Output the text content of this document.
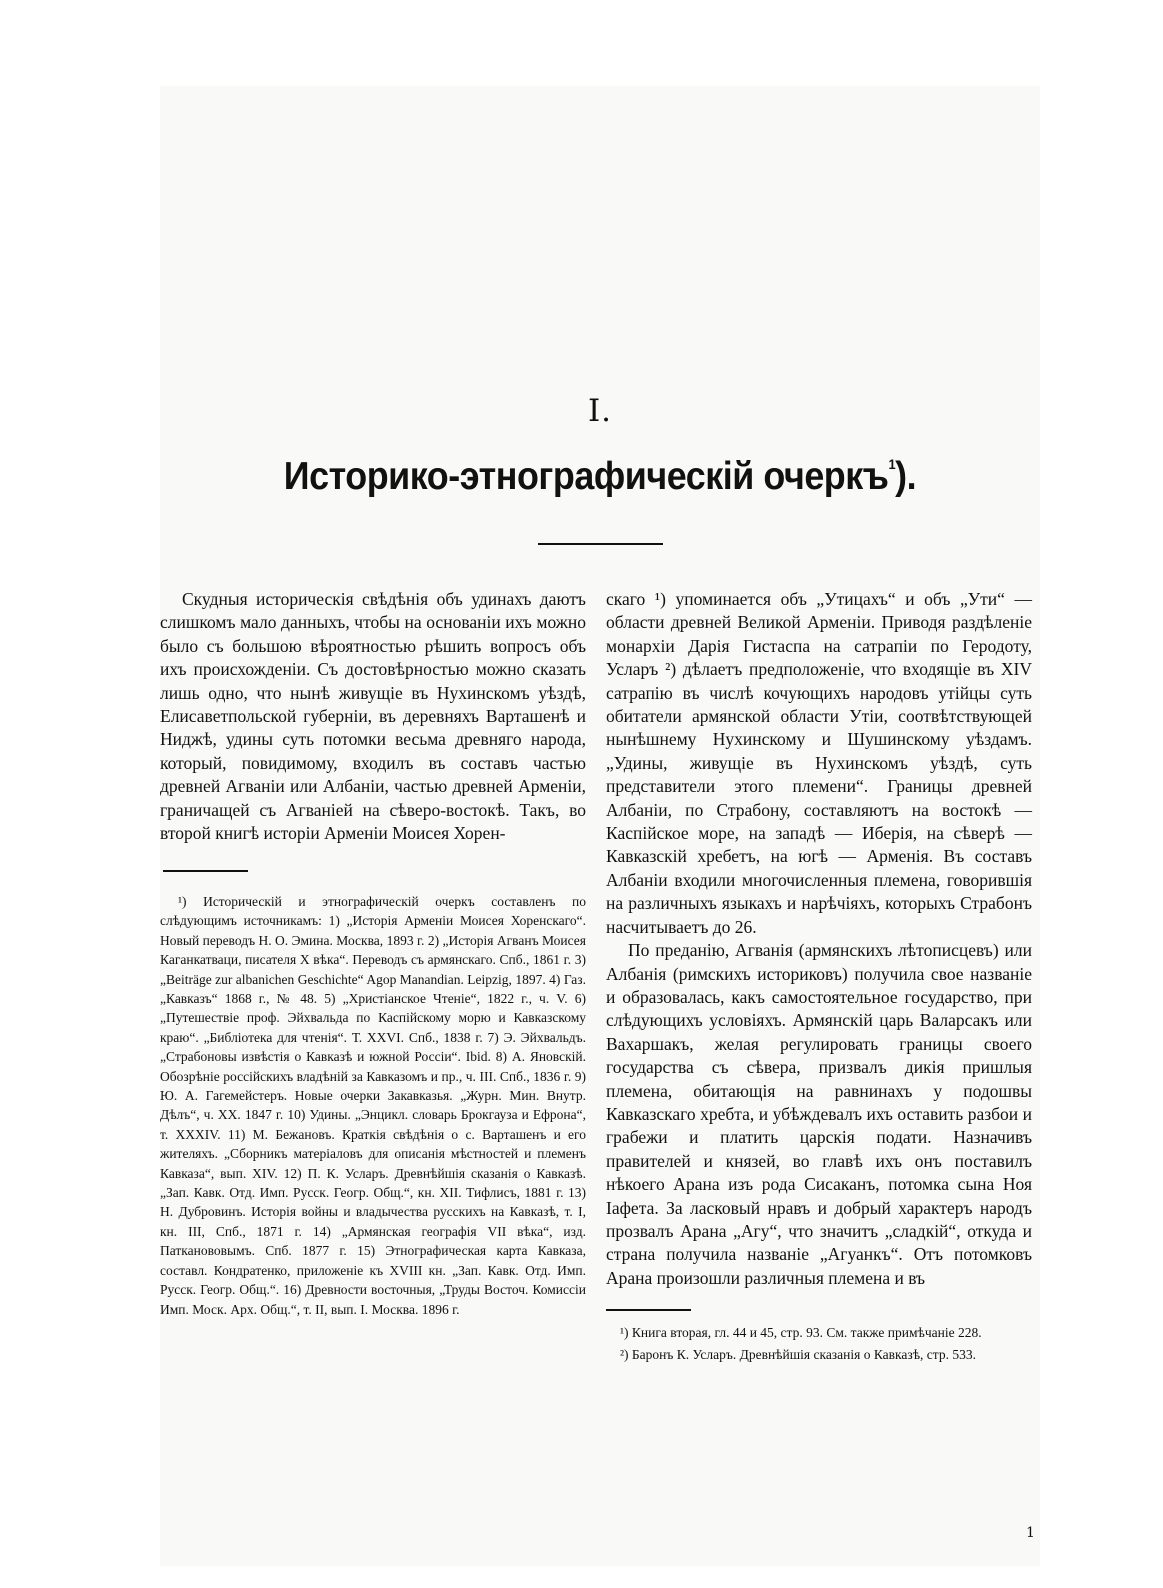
I.
Историко-этнографическій очеркъ$^1$).

Скудныя историческія свѣдѣнія объ удинахъ даютъ слишкомъ мало данныхъ, чтобы на основаніи ихъ можно было съ большою вѣроятностью рѣшить вопросъ объ ихъ происхожденіи. Съ достовѣрностью можно сказать лишь одно, что нынѣ живущіе въ Нухинскомъ уѣздѣ, Елисаветпольской губерніи, въ деревняхъ Варташенѣ и Ниджѣ, удины суть потомки весьма древняго народа, который, повидимому, входилъ въ составъ частью древней Агваніи или Албаніи, частью древней Арменіи, граничащей съ Агваніей на сѣверо-востокѣ. Такъ, во второй книгѣ исторіи Арменіи Моисея Хорен-

¹) Историческій и этнографическій очеркъ составленъ по слѣдующимъ источникамъ: 1) „Исторія Арменіи Моисея Хоренскаго“. Новый переводъ Н. О. Эмина. Москва, 1893 г. 2) „Исторія Агванъ Моисея Каганкатваци, писателя X вѣка“. Переводъ съ армянскаго. Спб., 1861 г. 3) „Beiträge zur albanichen Geschichte“ Agop Manandian. Leipzig, 1897. 4) Газ. „Кавказъ“ 1868 г., № 48. 5) „Христіанское Чтеніе“, 1822 г., ч. V. 6) „Путешествіе проф. Эйхвальда по Каспійскому морю и Кавказскому краю“. „Библіотека для чтенія“. Т. XXVI. Спб., 1838 г. 7) Э. Эйхвальдъ. „Страбоновы извѣстія о Кавказѣ и южной Россіи“. Ibid. 8) А. Яновскій. Обозрѣніе россійскихъ владѣній за Кавказомъ и пр., ч. III. Спб., 1836 г. 9) Ю. А. Гагемейстеръ. Новые очерки Закавказья. „Журн. Мин. Внутр. Дѣлъ“, ч. XX. 1847 г. 10) Удины. „Энцикл. словарь Брокгауза и Ефрона“, т. XXXIV. 11) М. Бежановъ. Краткія свѣдѣнія о с. Варташенъ и его жителяхъ. „Сборникъ матеріаловъ для описанія мѣстностей и племенъ Кавказа“, вып. XIV. 12) П. К. Усларъ. Древнѣйшія сказанія о Кавказѣ. „Зап. Кавк. Отд. Имп. Русск. Геогр. Общ.“, кн. XII. Тифлисъ, 1881 г. 13) Н. Дубровинъ. Исторія войны и владычества русскихъ на Кавказѣ, т. I, кн. III, Спб., 1871 г. 14) „Армянская географія VII вѣка“, изд. Патканововымъ. Спб. 1877 г. 15) Этнографическая карта Кавказа, составл. Кондратенко, приложеніе къ XVIII кн. „Зап. Кавк. Отд. Имп. Русск. Геогр. Общ.“. 16) Древности восточныя, „Труды Восточ. Комиссіи Имп. Моск. Арх. Общ.“, т. II, вып. I. Москва. 1896 г.

скаго ¹) упоминается объ „Утицахъ“ и объ „Ути“ — области древней Великой Арменіи. Приводя раздѣленіе монархіи Дарія Гистаспа на сатрапіи по Геродоту, Усларъ ²) дѣлаетъ предположеніе, что входящіе въ XIV сатрапію въ числѣ кочующихъ народовъ утійцы суть обитатели армянской области Утіи, соотвѣтствующей нынѣшнему Нухинскому и Шушинскому уѣздамъ. „Удины, живущіе въ Нухинскомъ уѣздѣ, суть представители этого племени“. Границы древней Албаніи, по Страбону, составляютъ на востокѣ — Каспійское море, на западѣ — Иберія, на сѣверѣ — Кавказскій хребетъ, на югѣ — Арменія. Въ составъ Албаніи входили многочисленныя племена, говорившія на различныхъ языкахъ и нарѣчіяхъ, которыхъ Страбонъ насчитываетъ до 26.

По преданію, Агванія (армянскихъ лѣтописцевъ) или Албанія (римскихъ историковъ) получила свое названіе и образовалась, какъ самостоятельное государство, при слѣдующихъ условіяхъ. Армянскій царь Валарсакъ или Вахаршакъ, желая регулировать границы своего государства съ сѣвера, призвалъ дикія пришлыя племена, обитающія на равнинахъ у подошвы Кавказскаго хребта, и убѣждевалъ ихъ оставить разбои и грабежи и платить царскія подати. Назначивъ правителей и князей, во главѣ ихъ онъ поставилъ нѣкоего Арана изъ рода Сисаканъ, потомка сына Ноя Іафета. За ласковый нравъ и добрый характеръ народъ прозвалъ Арана „Агу“, что значитъ „сладкій“, откуда и страна получила названіе „Агуанкъ“. Отъ потомковъ Арана произошли различныя племена и въ

¹) Книга вторая, гл. 44 и 45, стр. 93. См. также примѣчаніе 228.

²) Баронъ К. Усларъ. Древнѣйшія сказанія о Кавказѣ, стр. 533.

1
